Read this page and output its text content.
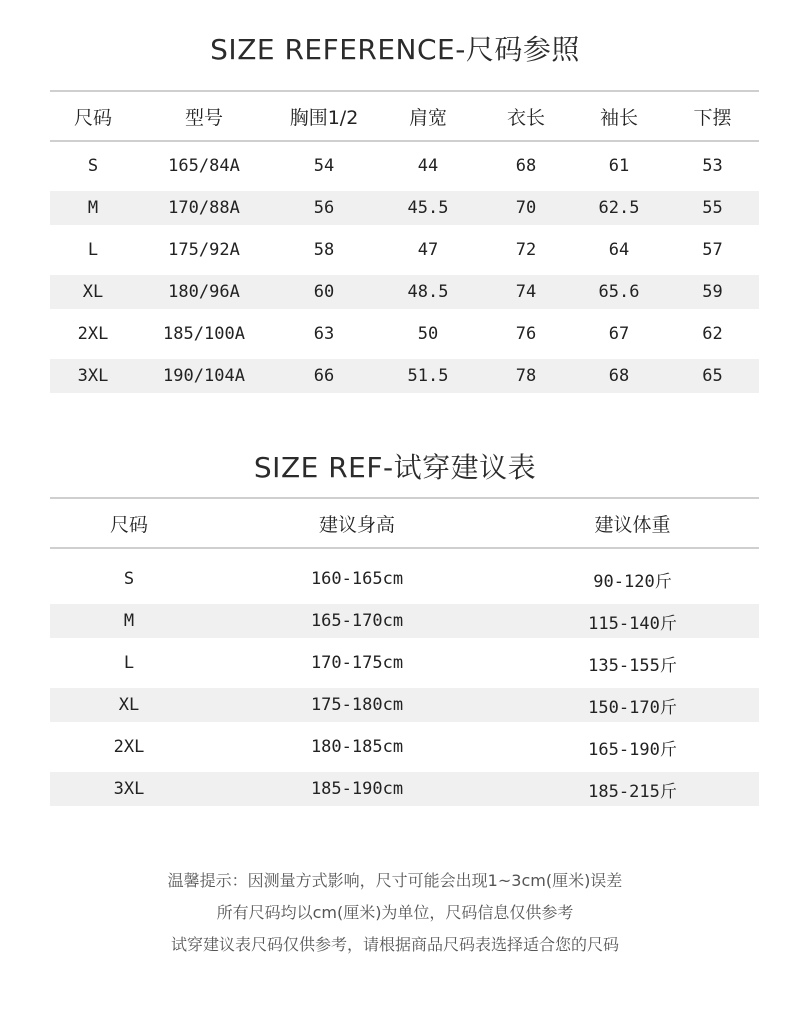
SIZE REFERENCE-尺码参照
尺码	型号	胸围1/2	肩宽	衣长	袖长	下摆
S	165/84A	54	44	68	61	53
M	170/88A	56	45.5	70	62.5	55
L	175/92A	58	47	72	64	57
XL	180/96A	60	48.5	74	65.6	59
2XL	185/100A	63	50	76	67	62
3XL	190/104A	66	51.5	78	68	65
SIZE REF-试穿建议表
尺码	建议身高	建议体重
S	160-165cm	90-120斤
M	165-170cm	115-140斤
L	170-175cm	135-155斤
XL	175-180cm	150-170斤
2XL	180-185cm	165-190斤
3XL	185-190cm	185-215斤
温馨提示：因测量方式影响，尺寸可能会出现1~3cm(厘米)误差
所有尺码均以cm(厘米)为单位，尺码信息仅供参考
试穿建议表尺码仅供参考，请根据商品尺码表选择适合您的尺码
